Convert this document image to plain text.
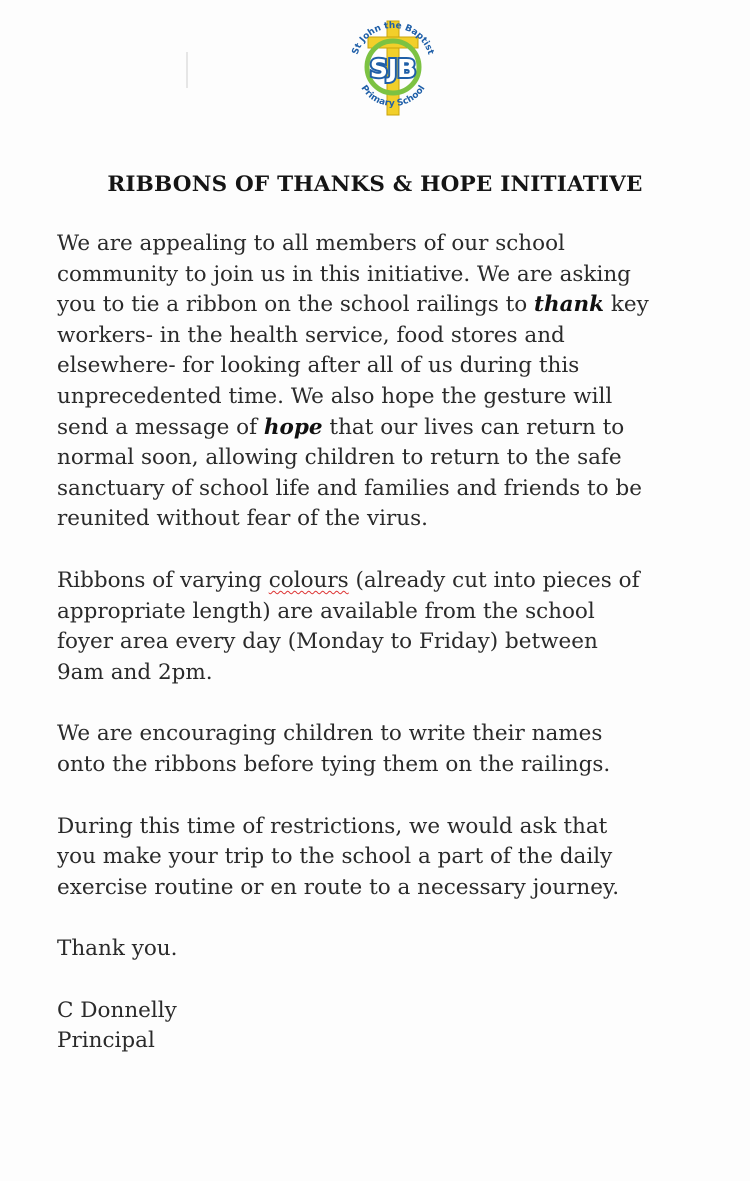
St John the Baptist
Primary School
SJB
RIBBONS OF THANKS & HOPE INITIATIVE

We are appealing to all members of our school
community to join us in this initiative. We are asking
you to tie a ribbon on the school railings to thank key
workers- in the health service, food stores and
elsewhere- for looking after all of us during this
unprecedented time. We also hope the gesture will
send a message of hope that our lives can return to
normal soon, allowing children to return to the safe
sanctuary of school life and families and friends to be
reunited without fear of the virus.

Ribbons of varying colours (already cut into pieces of
appropriate length) are available from the school
foyer area every day (Monday to Friday) between
9am and 2pm.

We are encouraging children to write their names
onto the ribbons before tying them on the railings.

During this time of restrictions, we would ask that
you make your trip to the school a part of the daily
exercise routine or en route to a necessary journey.

Thank you.

C Donnelly
Principal
